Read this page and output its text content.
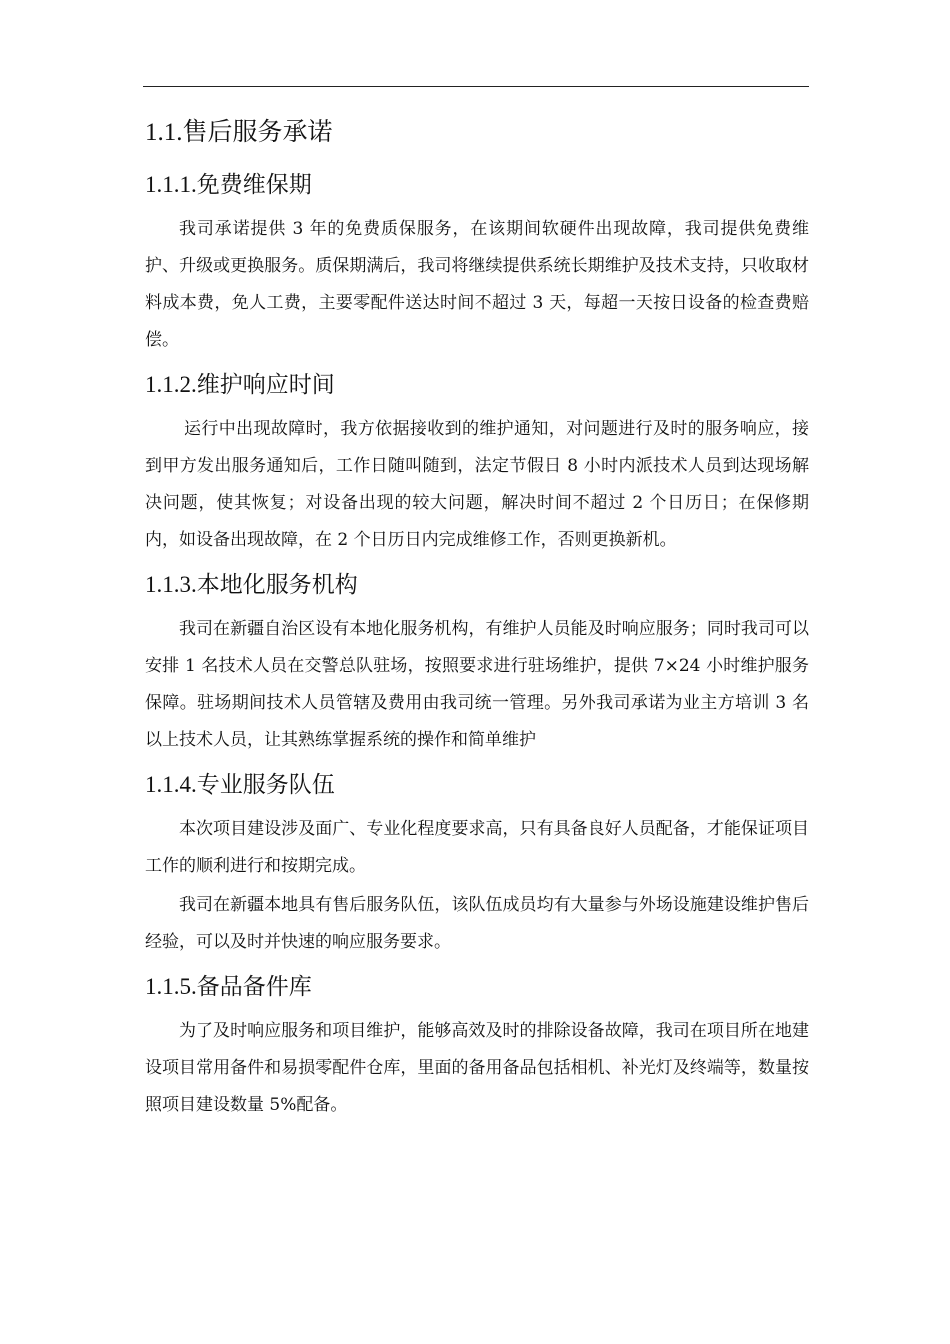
1.1.售后服务承诺
1.1.1.免费维保期

我司承诺提供 3 年的免费质保服务，在该期间软硬件出现故障，我司提供免费维护、升级或更换服务。质保期满后，我司将继续提供系统长期维护及技术支持，只收取材料成本费，免人工费，主要零配件送达时间不超过 3 天，每超一天按日设备的检查费赔偿。

1.1.2.维护响应时间

运行中出现故障时，我方依据接收到的维护通知，对问题进行及时的服务响应，接到甲方发出服务通知后，工作日随叫随到，法定节假日 8 小时内派技术人员到达现场解决问题，使其恢复；对设备出现的较大问题，解决时间不超过 2 个日历日；在保修期内，如设备出现故障，在 2 个日历日内完成维修工作，否则更换新机。

1.1.3.本地化服务机构

我司在新疆自治区设有本地化服务机构，有维护人员能及时响应服务；同时我司可以安排 1 名技术人员在交警总队驻场，按照要求进行驻场维护，提供 7×24 小时维护服务保障。驻场期间技术人员管辖及费用由我司统一管理。另外我司承诺为业主方培训 3 名以上技术人员，让其熟练掌握系统的操作和简单维护

1.1.4.专业服务队伍

本次项目建设涉及面广、专业化程度要求高，只有具备良好人员配备，才能保证项目工作的顺利进行和按期完成。

我司在新疆本地具有售后服务队伍，该队伍成员均有大量参与外场设施建设维护售后经验，可以及时并快速的响应服务要求。

1.1.5.备品备件库

为了及时响应服务和项目维护，能够高效及时的排除设备故障，我司在项目所在地建设项目常用备件和易损零配件仓库，里面的备用备品包括相机、补光灯及终端等，数量按照项目建设数量 5%配备。
